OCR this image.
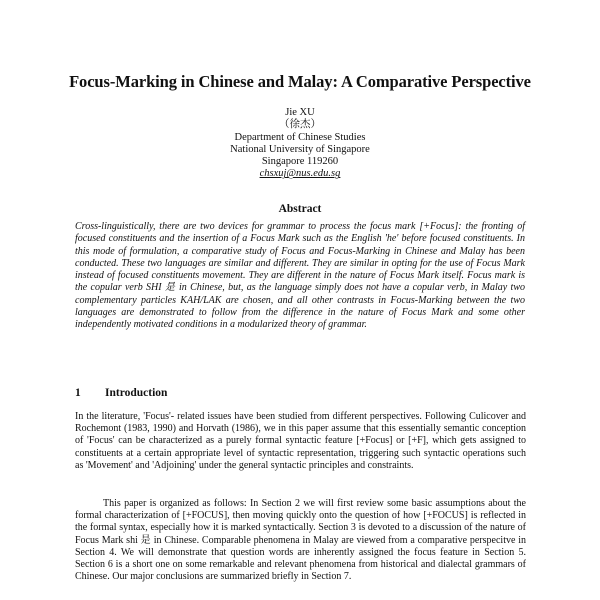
Focus-Marking in Chinese and Malay: A Comparative Perspective
Jie XU
（徐杰）
Department of Chinese Studies
National University of Singapore
Singapore 119260
chsxuj@nus.edu.sg
Abstract

Cross-linguistically, there are two devices for grammar to process the focus mark [+Focus]: the fronting of focused constituents and the insertion of a Focus Mark such as the English 'he' before focused constituents. In this mode of formulation, a comparative study of Focus and Focus-Marking in Chinese and Malay has been conducted. These two languages are similar and different. They are similar in opting for the use of Focus Mark instead of focused constituents movement. They are different in the nature of Focus Mark itself. Focus mark is the copular verb SHI 是 in Chinese, but, as the language simply does not have a copular verb, in Malay two complementary particles KAH/LAK are chosen, and all other contrasts in Focus-Marking between the two languages are demonstrated to follow from the difference in the nature of Focus Mark and some other independently motivated conditions in a modularized theory of grammar.

1 Introduction

In the literature, 'Focus'- related issues have been studied from different perspectives. Following Culicover and Rochemont (1983, 1990) and Horvath (1986), we in this paper assume that this essentially semantic conception of 'Focus' can be characterized as a purely formal syntactic feature [+Focus] or [+F], which gets assigned to constituents at a certain appropriate level of syntactic representation, triggering such syntactic operations such as 'Movement' and 'Adjoining' under the general syntactic principles and constraints.

This paper is organized as follows: In Section 2 we will first review some basic assumptions about the formal characterization of [+FOCUS], then moving quickly onto the question of how [+FOCUS] is reflected in the formal syntax, especially how it is marked syntactically. Section 3 is devoted to a discussion of the nature of Focus Mark shi 是 in Chinese. Comparable phenomena in Malay are viewed from a comparative perspecitve in Section 4. We will demonstrate that question words are inherently assigned the focus feature in Section 5. Section 6 is a short one on some remarkable and relevant phenomena from historical and dialectal grammars of Chinese. Our major conclusions are summarized briefly in Section 7.
